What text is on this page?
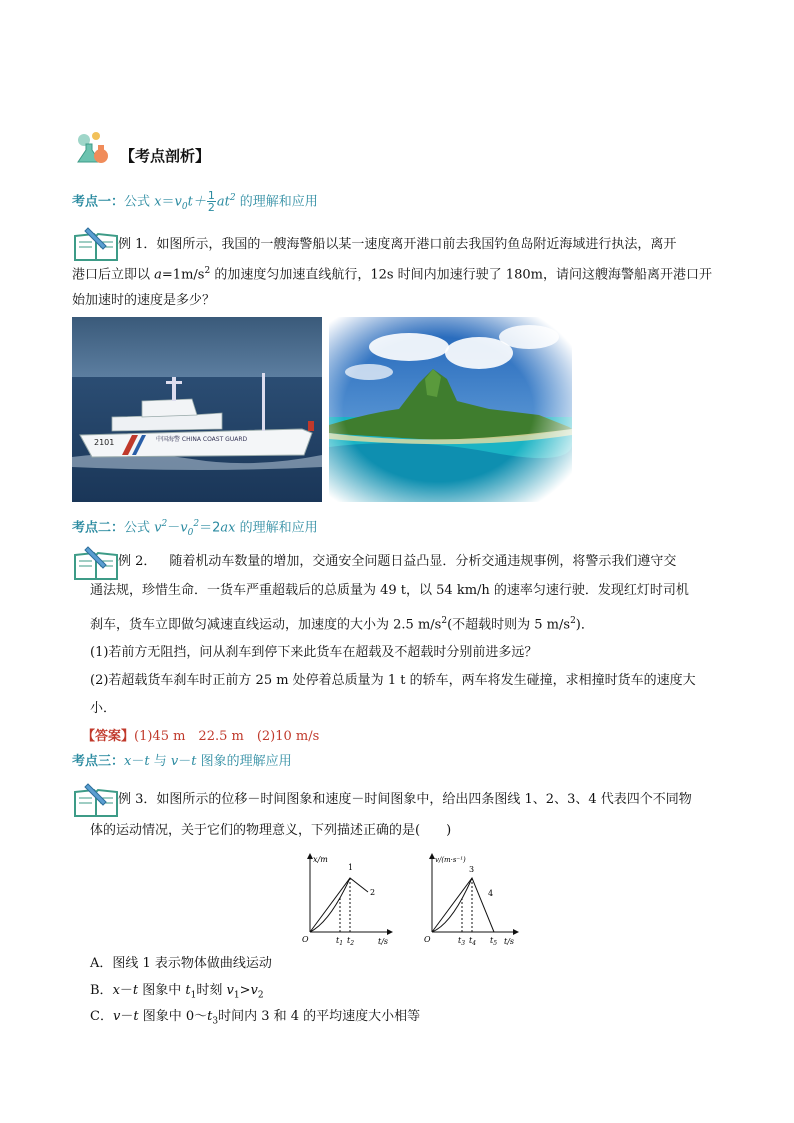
【考点剖析】
考点一：公式 $x=v_0t+ \frac{1}{2} at^2$ 的理解和应用
例 1．如图所示，我国的一艘海警船以某一速度离开港口前去我国钓鱼岛附近海域进行执法，离开
港口后立即以 $a=1m/s^2$ 的加速度匀加速直线航行，12s 时间内加速行驶了 180m，请问这艘海警船离开港口开
始加速时的速度是多少？
2101	中国海警 CHINA COAST GUARD
考点二：公式 $v^2-v_0^2=2ax$ 的理解和应用
例 2．   随着机动车数量的增加，交通安全问题日益凸显．分析交通违规事例，将警示我们遵守交
通法规，珍惜生命．一货车严重超载后的总质量为 49 t，以 54 km/h 的速率匀速行驶．发现红灯时司机
刹车，货车立即做匀减速直线运动，加速度的大小为 2.5 $m/s^2$(不超载时则为 5 $m/s^2$)．
(1)若前方无阻挡，问从刹车到停下来此货车在超载及不超载时分别前进多远？
(2)若超载货车刹车时正前方 25 m 处停着总质量为 1 t 的轿车，两车将发生碰撞，求相撞时货车的速度大
小．
【答案】(1)45 m　22.5 m　(2)10 m/s
考点三：x－t 与 v－t 图象的理解应用
例 3．如图所示的位移－时间图象和速度－时间图象中，给出四条图线 1、2、3、4 代表四个不同物
体的运动情况，关于它们的物理意义，下列描述正确的是(　　)
x/m
t/s
O	$t_1$ $t_2$
1
2
v/(m·s⁻¹)
t/s
O	$t_3$ $t_4$ $t_5$
3
4
A．图线 1 表示物体做曲线运动
B．x－t 图象中 $t_1$时刻 $v_1>v_2$
C．v－t 图象中 $0\sim t_3$时间内 3 和 4 的平均速度大小相等
